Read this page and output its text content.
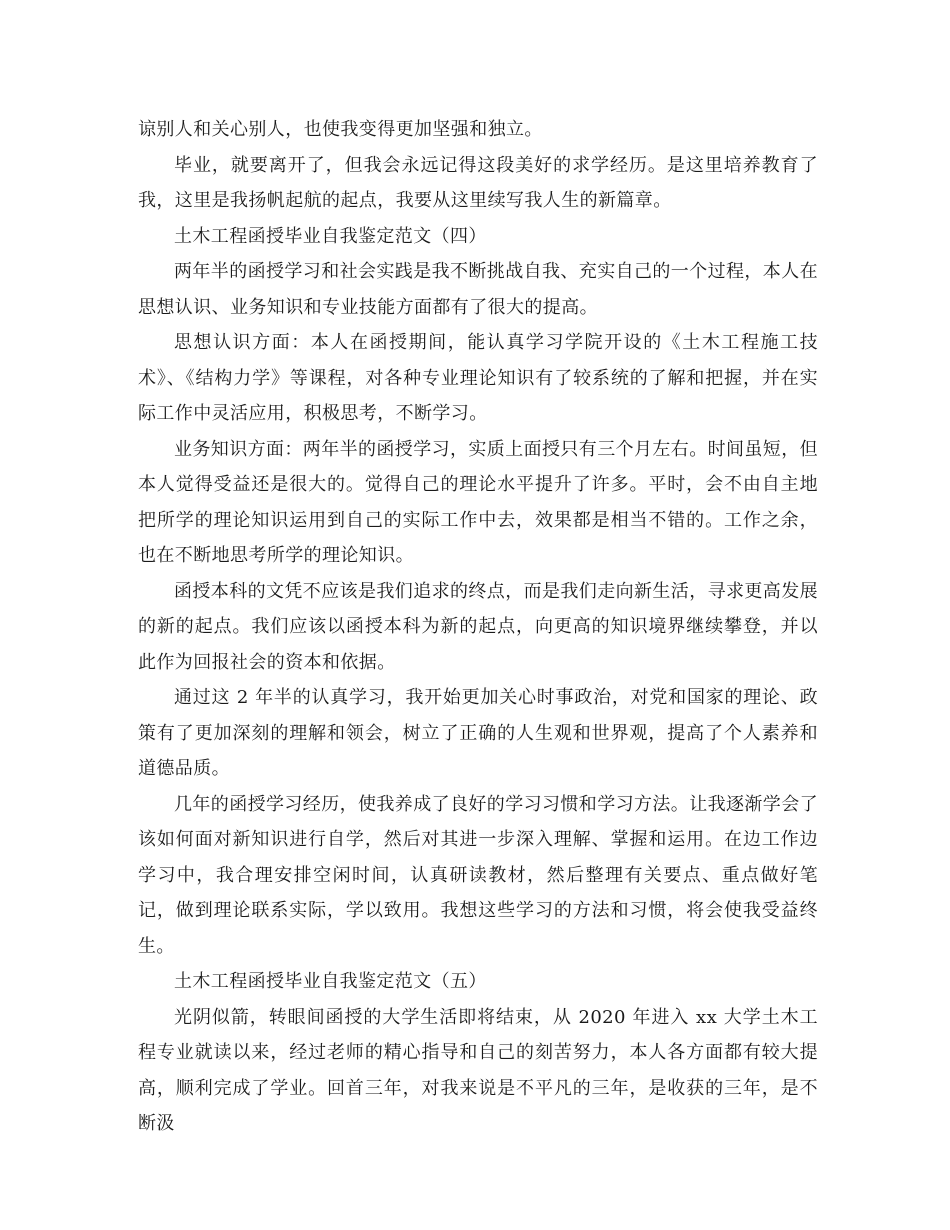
谅别人和关心别人，也使我变得更加坚强和独立。

毕业，就要离开了，但我会永远记得这段美好的求学经历。是这里培养教育了我，这里是我扬帆起航的起点，我要从这里续写我人生的新篇章。

土木工程函授毕业自我鉴定范文（四）

两年半的函授学习和社会实践是我不断挑战自我、充实自己的一个过程，本人在思想认识、业务知识和专业技能方面都有了很大的提高。

思想认识方面：本人在函授期间，能认真学习学院开设的《土木工程施工技术》、《结构力学》等课程，对各种专业理论知识有了较系统的了解和把握，并在实际工作中灵活应用，积极思考，不断学习。

业务知识方面：两年半的函授学习，实质上面授只有三个月左右。时间虽短，但本人觉得受益还是很大的。觉得自己的理论水平提升了许多。平时，会不由自主地把所学的理论知识运用到自己的实际工作中去，效果都是相当不错的。工作之余，也在不断地思考所学的理论知识。

函授本科的文凭不应该是我们追求的终点，而是我们走向新生活，寻求更高发展的新的起点。我们应该以函授本科为新的起点，向更高的知识境界继续攀登，并以此作为回报社会的资本和依据。

通过这 2 年半的认真学习，我开始更加关心时事政治，对党和国家的理论、政策有了更加深刻的理解和领会，树立了正确的人生观和世界观，提高了个人素养和道德品质。

几年的函授学习经历，使我养成了良好的学习习惯和学习方法。让我逐渐学会了该如何面对新知识进行自学，然后对其进一步深入理解、掌握和运用。在边工作边学习中，我合理安排空闲时间，认真研读教材，然后整理有关要点、重点做好笔记，做到理论联系实际，学以致用。我想这些学习的方法和习惯，将会使我受益终生。

土木工程函授毕业自我鉴定范文（五）

光阴似箭，转眼间函授的大学生活即将结束，从 2020 年进入 xx 大学土木工程专业就读以来，经过老师的精心指导和自己的刻苦努力，本人各方面都有较大提高，顺利完成了学业。回首三年，对我来说是不平凡的三年，是收获的三年，是不断汲
